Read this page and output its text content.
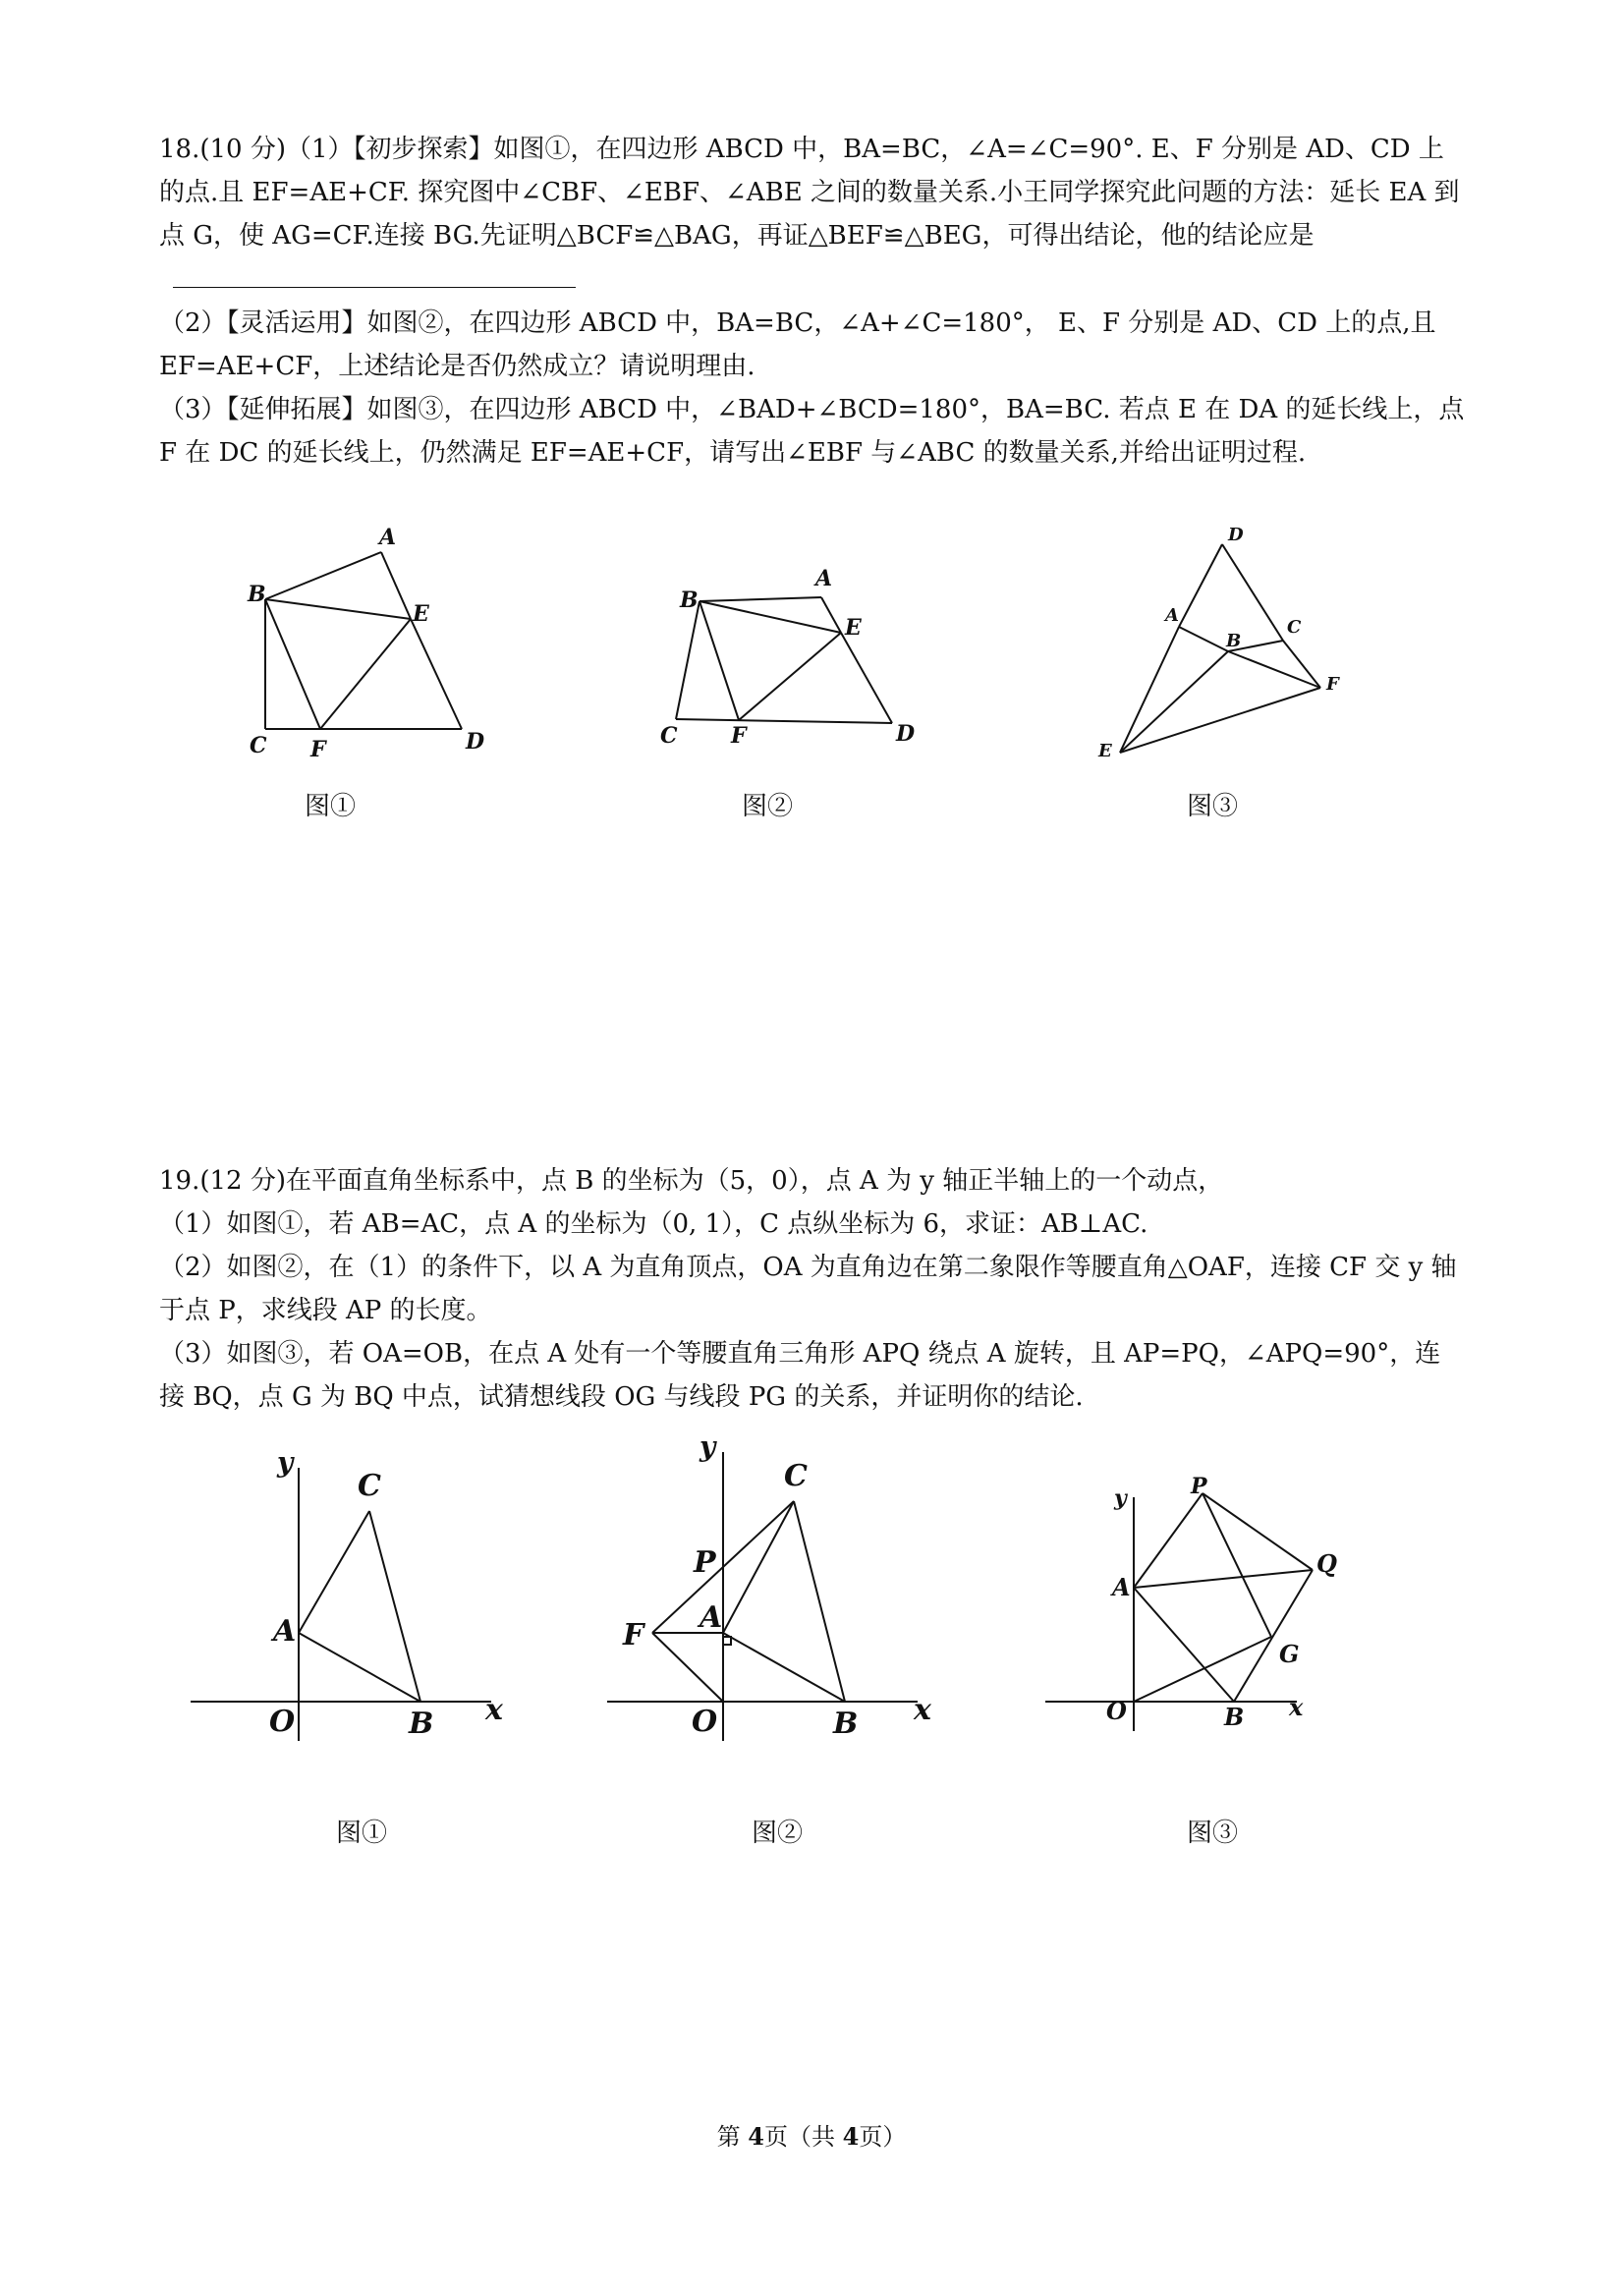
18.(10 分)（1）【初步探索】如图①，在四边形 ABCD 中，BA=BC，∠A=∠C=90°. E、F 分别是 AD、CD 上的点.且 EF=AE+CF. 探究图中∠CBF、∠EBF、∠ABE 之间的数量关系.小王同学探究此问题的方法：延长 EA 到点 G，使 AG=CF.连接 BG.先证明△BCF≌△BAG，再证△BEF≌△BEG，可得出结论，他的结论应是

（2）【灵活运用】如图②，在四边形 ABCD 中，BA=BC，∠A+∠C=180°， E、F 分别是 AD、CD 上的点,且 EF=AE+CF，上述结论是否仍然成立？请说明理由.

（3）【延伸拓展】如图③，在四边形 ABCD 中，∠BAD+∠BCD=180°，BA=BC. 若点 E 在 DA 的延长线上，点 F 在 DC 的延长线上，仍然满足 EF=AE+CF，请写出∠EBF 与∠ABC 的数量关系,并给出证明过程.

A
B
E
C F	D
图①
A
B
E
C F	D
图②
D
A
B
C
F
E
图③

19.(12 分)在平面直角坐标系中，点 B 的坐标为（5，0），点 A 为 y 轴正半轴上的一个动点，

（1）如图①，若 AB=AC，点 A 的坐标为（0, 1），C 点纵坐标为 6，求证：AB⊥AC.

（2）如图②，在（1）的条件下，以 A 为直角顶点，OA 为直角边在第二象限作等腰直角△OAF，连接 CF 交 y 轴于点 P，求线段 AP 的长度。

（3）如图③，若 OA=OB，在点 A 处有一个等腰直角三角形 APQ 绕点 A 旋转，且 AP=PQ，∠APQ=90°，连接 BQ，点 G 为 BQ 中点，试猜想线段 OG 与线段 PG 的关系，并证明你的结论.

y
C
A
O	B x
图①
y
C
P
F
A
O	B x
图②
y	P
Q
A
G
O	B x
图③
第 4页（共 4页）
